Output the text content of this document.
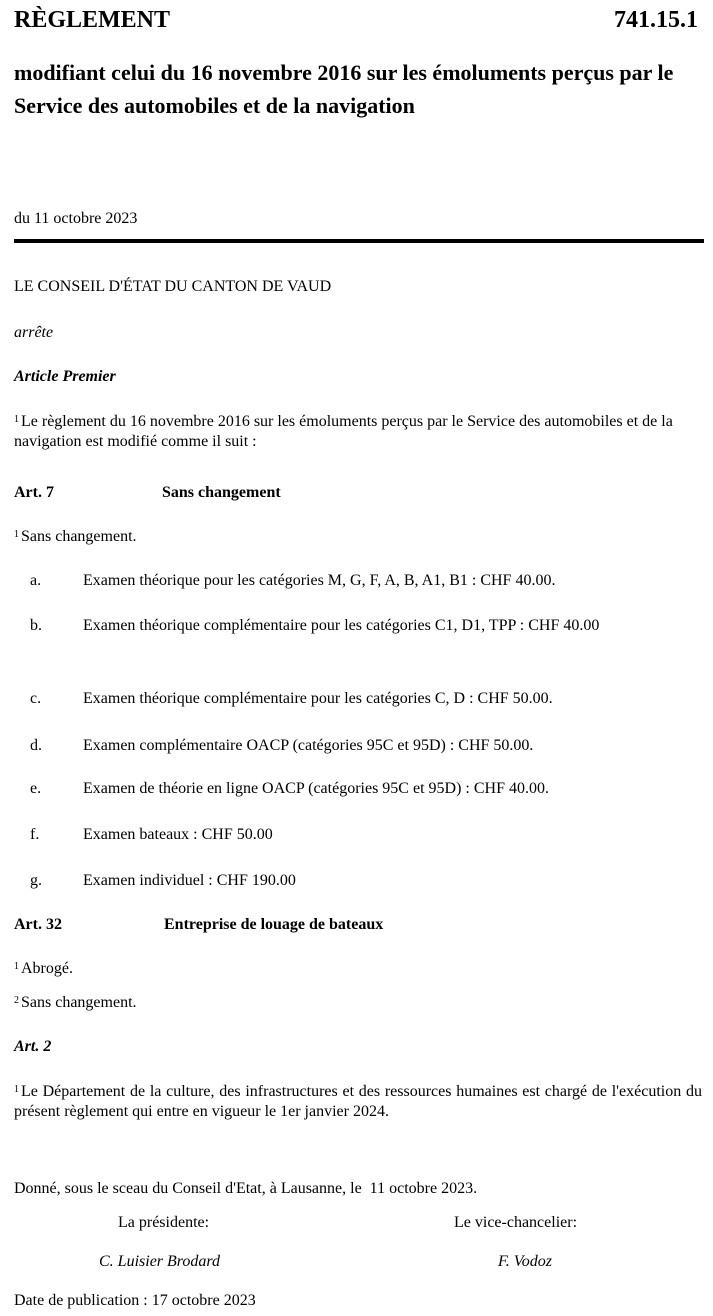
RÈGLEMENT	741.15.1
modifiant celui du 16 novembre 2016 sur les émoluments perçus par le Service des automobiles et de la navigation
du 11 octobre 2023
LE CONSEIL D'ÉTAT DU CANTON DE VAUD
arrête
Article Premier
$^1$ Le règlement du 16 novembre 2016 sur les émoluments perçus par le Service des automobiles et de la navigation est modifié comme il suit :
Art. 7	Sans changement
$^1$ Sans changement.
a.	Examen théorique pour les catégories M, G, F, A, B, A1, B1 : CHF 40.00.
b.	Examen théorique complémentaire pour les catégories C1, D1, TPP : CHF 40.00
c.	Examen théorique complémentaire pour les catégories C, D : CHF 50.00.
d.	Examen complémentaire OACP (catégories 95C et 95D) : CHF 50.00.
e.	Examen de théorie en ligne OACP (catégories 95C et 95D) : CHF 40.00.
f.	Examen bateaux : CHF 50.00
g.	Examen individuel : CHF 190.00
Art. 32	Entreprise de louage de bateaux
$^1$ Abrogé.
$^2$ Sans changement.
Art. 2
$^1$ Le Département de la culture, des infrastructures et des ressources humaines est chargé de l'exécution du présent règlement qui entre en vigueur le 1er janvier 2024.
Donné, sous le sceau du Conseil d'Etat, à Lausanne, le  11 octobre 2023.
La présidente:	Le vice-chancelier:
C. Luisier Brodard	F. Vodoz
Date de publication : 17 octobre 2023
